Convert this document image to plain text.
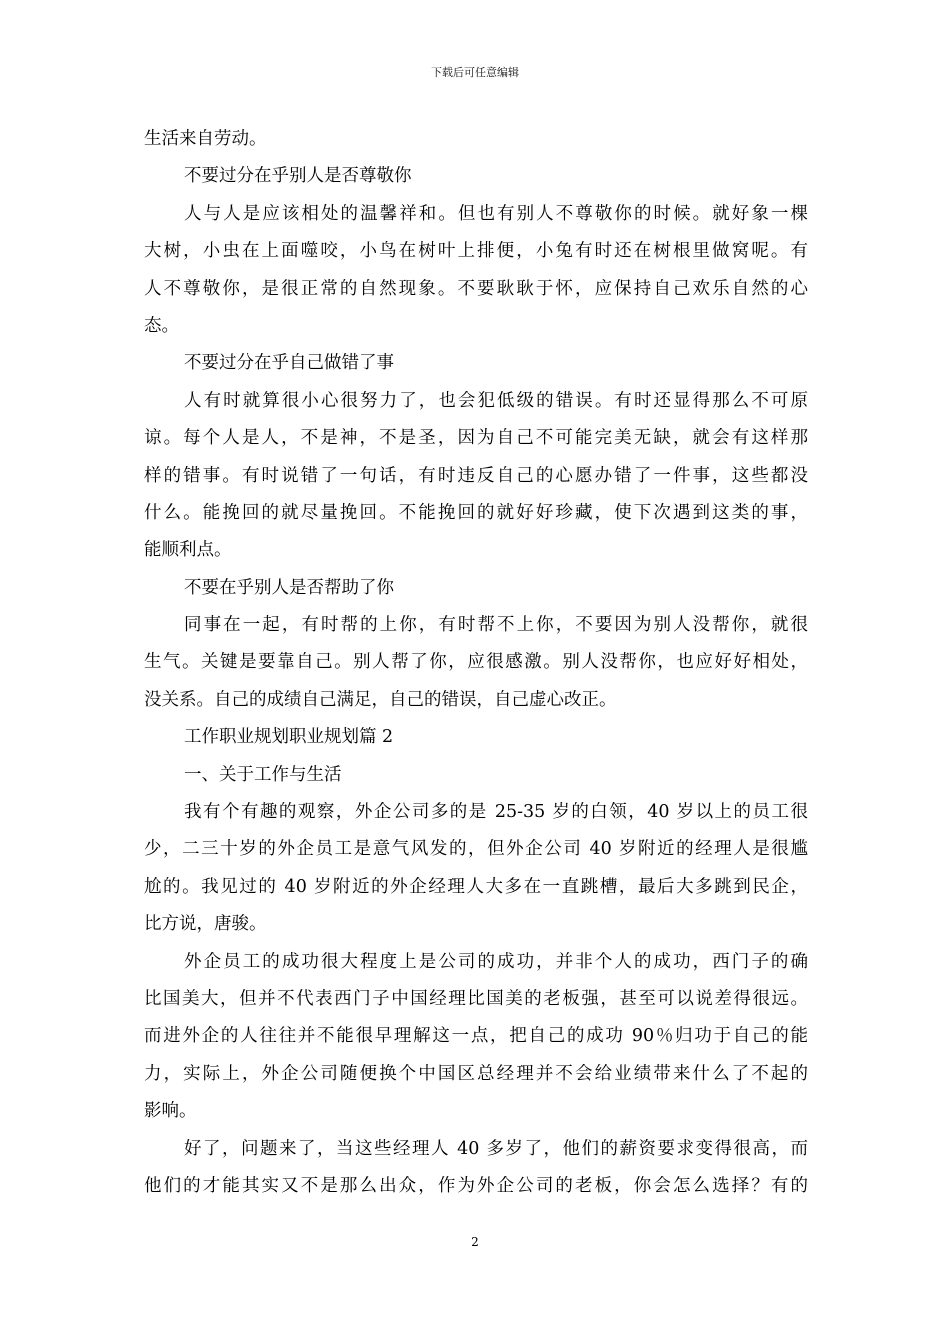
下载后可任意编辑
生活来自劳动。
不要过分在乎别人是否尊敬你
人与人是应该相处的温馨祥和。但也有别人不尊敬你的时候。就好象一棵
大树，小虫在上面噬咬，小鸟在树叶上排便，小兔有时还在树根里做窝呢。有
人不尊敬你，是很正常的自然现象。不要耿耿于怀，应保持自己欢乐自然的心
态。
不要过分在乎自己做错了事
人有时就算很小心很努力了，也会犯低级的错误。有时还显得那么不可原
谅。每个人是人，不是神，不是圣，因为自己不可能完美无缺，就会有这样那
样的错事。有时说错了一句话，有时违反自己的心愿办错了一件事，这些都没
什么。能挽回的就尽量挽回。不能挽回的就好好珍藏，使下次遇到这类的事，
能顺利点。
不要在乎别人是否帮助了你
同事在一起，有时帮的上你，有时帮不上你，不要因为别人没帮你，就很
生气。关键是要靠自己。别人帮了你，应很感激。别人没帮你，也应好好相处，
没关系。自己的成绩自己满足，自己的错误，自己虚心改正。
工作职业规划职业规划篇 2
一、关于工作与生活
我有个有趣的观察，外企公司多的是 25-35 岁的白领，40 岁以上的员工很
少，二三十岁的外企员工是意气风发的，但外企公司 40 岁附近的经理人是很尴
尬的。我见过的 40 岁附近的外企经理人大多在一直跳槽，最后大多跳到民企，
比方说，唐骏。
外企员工的成功很大程度上是公司的成功，并非个人的成功，西门子的确
比国美大，但并不代表西门子中国经理比国美的老板强，甚至可以说差得很远。
而进外企的人往往并不能很早理解这一点，把自己的成功 90％归功于自己的能
力，实际上，外企公司随便换个中国区总经理并不会给业绩带来什么了不起的
影响。
好了，问题来了，当这些经理人 40 多岁了，他们的薪资要求变得很高，而
他们的才能其实又不是那么出众，作为外企公司的老板，你会怎么选择？有的
2
